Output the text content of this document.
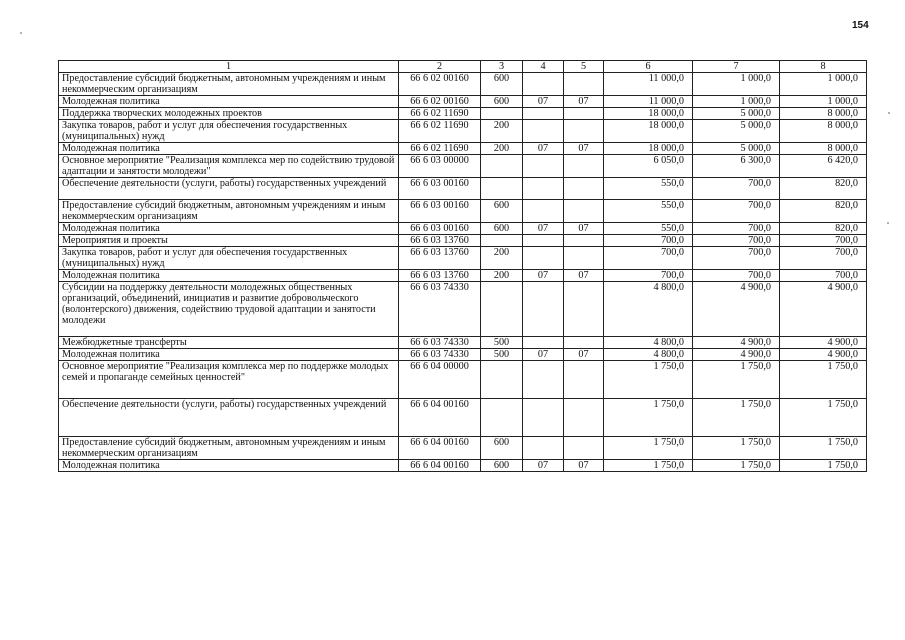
154
1	2	3	4	5	6	7	8
Предоставление субсидий бюджетным, автономным учреждениям и иным некоммерческим организациям	66 6 02 00160	600			11 000,0	1 000,0	1 000,0
Молодежная политика	66 6 02 00160	600	07	07	11 000,0	1 000,0	1 000,0
Поддержка творческих молодежных проектов	66 6 02 11690				18 000,0	5 000,0	8 000,0
Закупка товаров, работ и услуг для обеспечения государственных (муниципальных) нужд	66 6 02 11690	200			18 000,0	5 000,0	8 000,0
Молодежная политика	66 6 02 11690	200	07	07	18 000,0	5 000,0	8 000,0
Основное мероприятие "Реализация комплекса мер по содействию трудовой адаптации и занятости молодежи"	66 6 03 00000				6 050,0	6 300,0	6 420,0
Обеспечение деятельности (услуги, работы) государственных учреждений	66 6 03 00160				550,0	700,0	820,0
Предоставление субсидий бюджетным, автономным учреждениям и иным некоммерческим организациям	66 6 03 00160	600			550,0	700,0	820,0
Молодежная политика	66 6 03 00160	600	07	07	550,0	700,0	820,0
Мероприятия и проекты	66 6 03 13760				700,0	700,0	700,0
Закупка товаров, работ и услуг для обеспечения государственных (муниципальных) нужд	66 6 03 13760	200			700,0	700,0	700,0
Молодежная политика	66 6 03 13760	200	07	07	700,0	700,0	700,0
Субсидии на поддержку деятельности молодежных общественных организаций, объединений, инициатив и развитие добровольческого (волонтерского) движения, содействию трудовой адаптации и занятости молодежи	66 6 03 74330				4 800,0	4 900,0	4 900,0
Межбюджетные трансферты	66 6 03 74330	500			4 800,0	4 900,0	4 900,0
Молодежная политика	66 6 03 74330	500	07	07	4 800,0	4 900,0	4 900,0
Основное мероприятие "Реализация комплекса мер по поддержке молодых семей и пропаганде семейных ценностей"	66 6 04 00000				1 750,0	1 750,0	1 750,0
Обеспечение деятельности (услуги, работы) государственных учреждений	66 6 04 00160				1 750,0	1 750,0	1 750,0
Предоставление субсидий бюджетным, автономным учреждениям и иным некоммерческим организациям	66 6 04 00160	600			1 750,0	1 750,0	1 750,0
Молодежная политика	66 6 04 00160	600	07	07	1 750,0	1 750,0	1 750,0
